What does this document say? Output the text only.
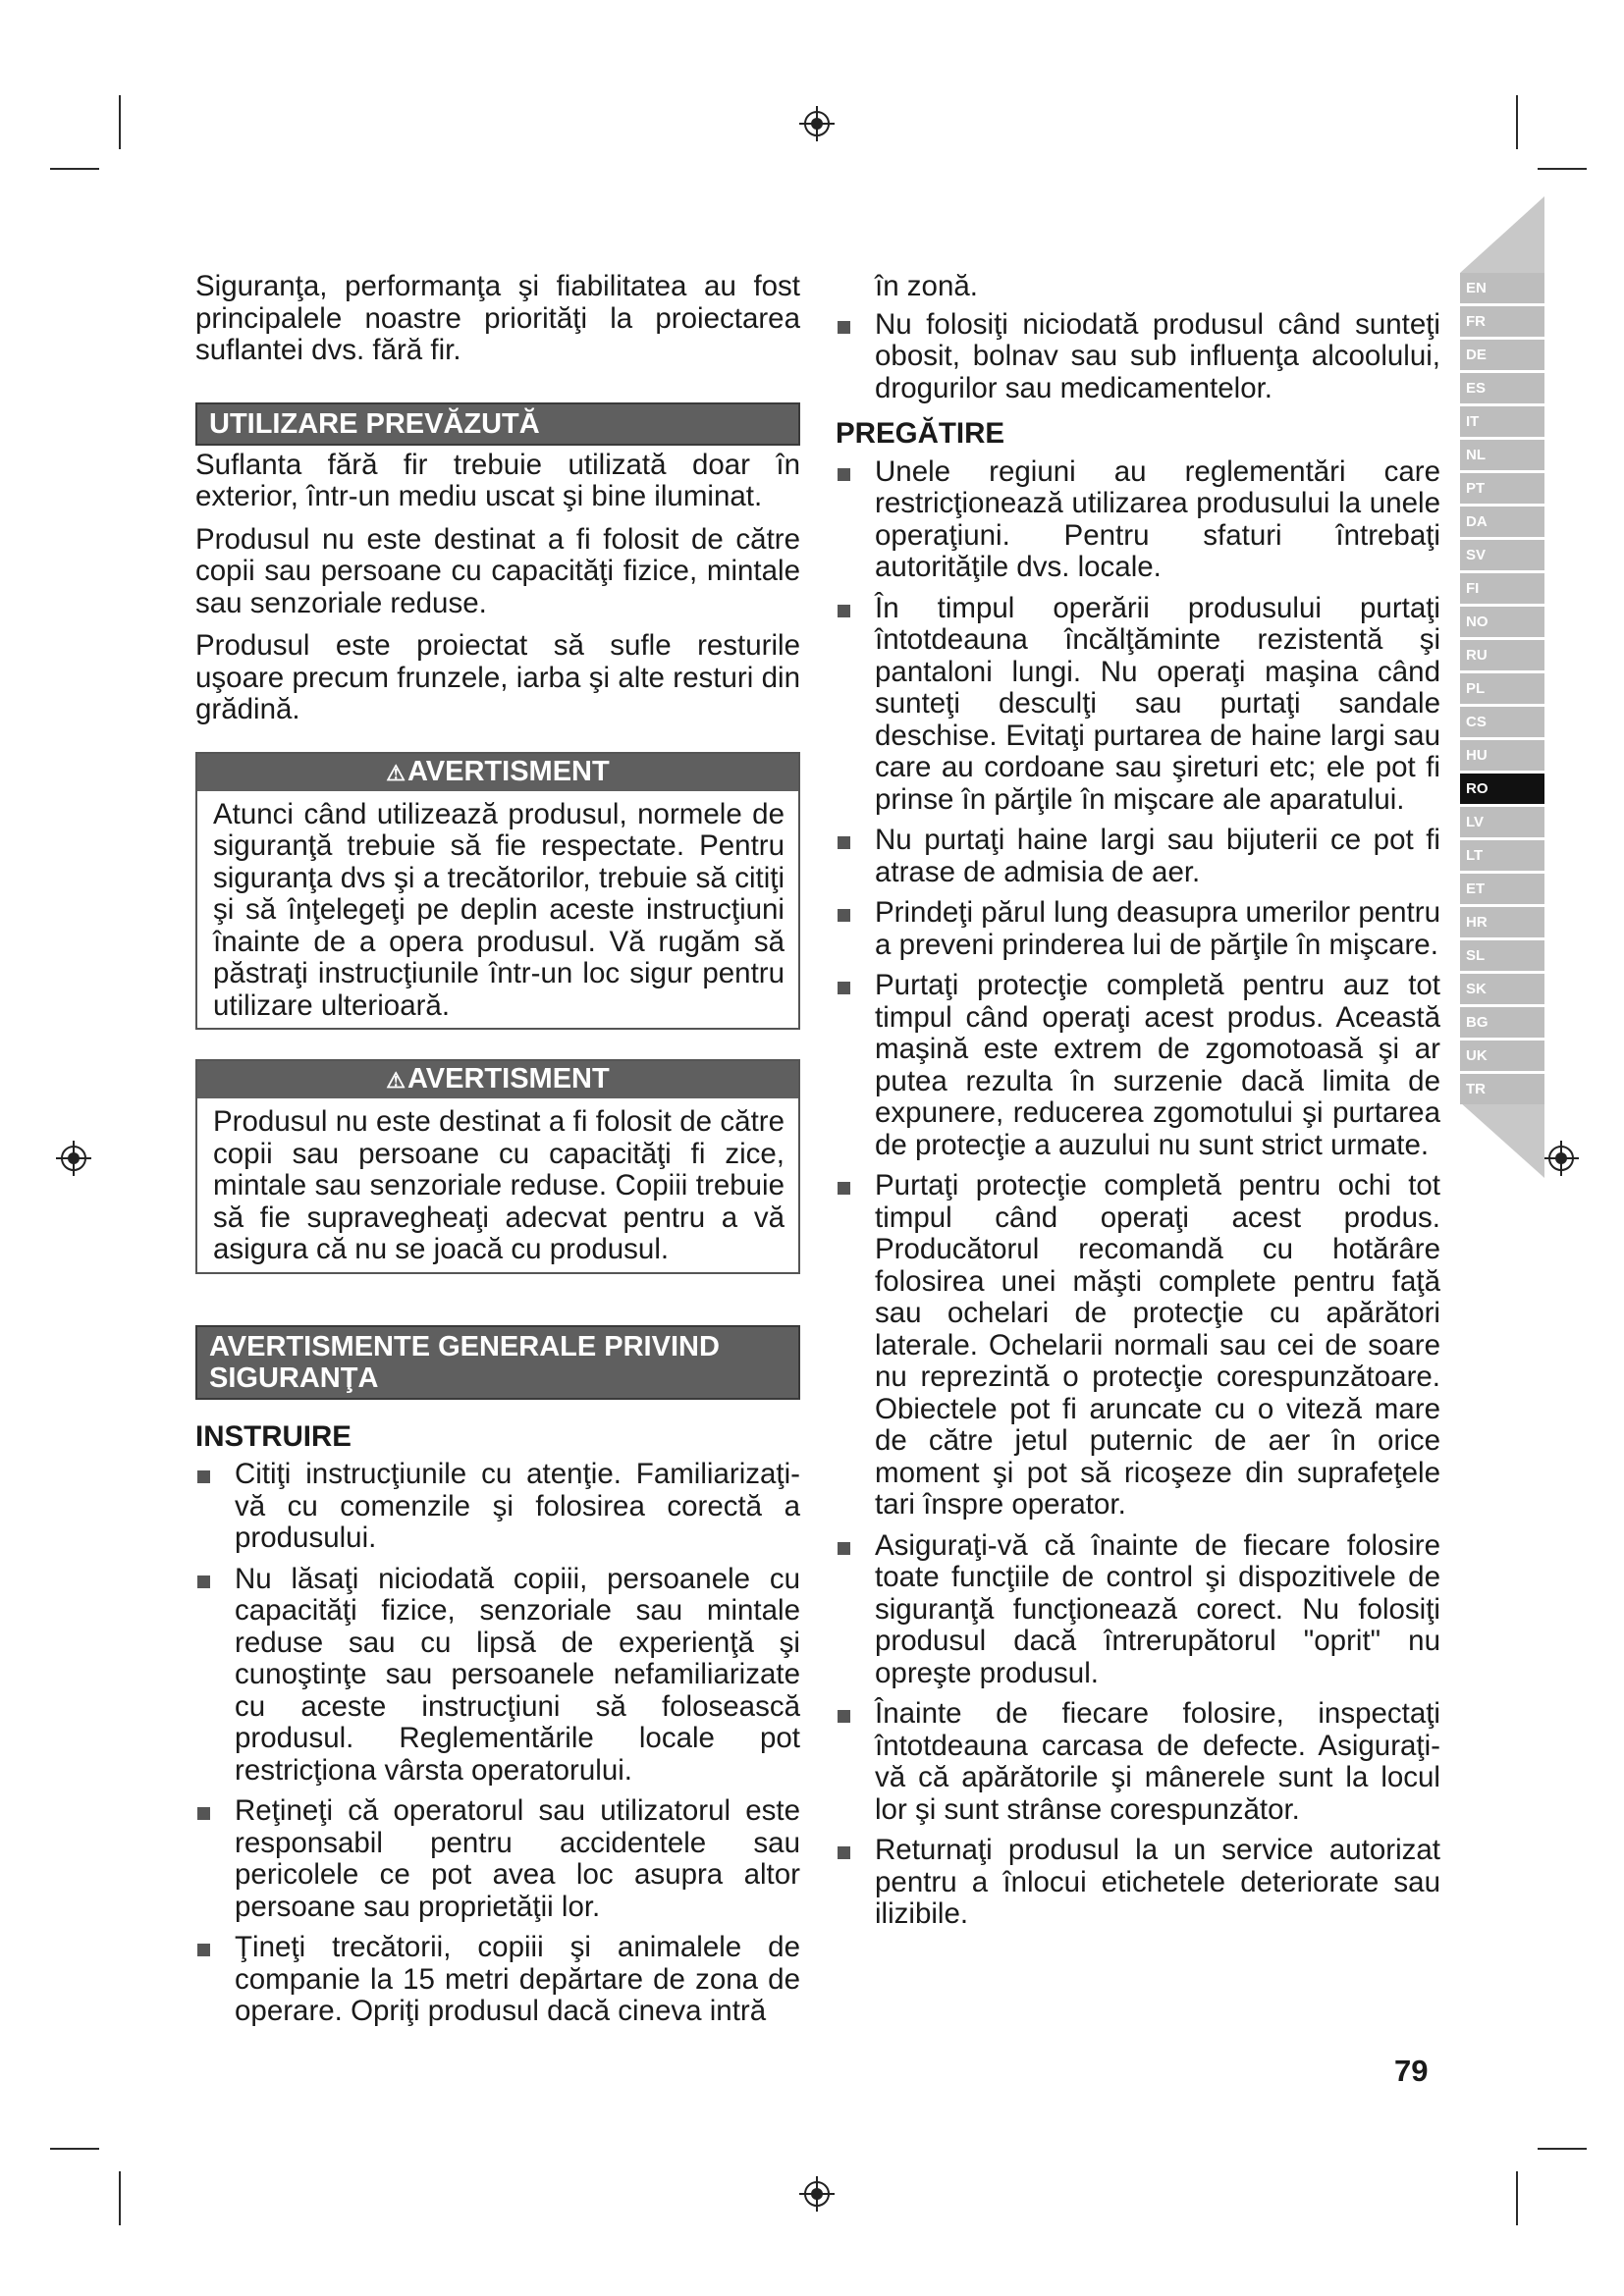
Siguranţa, performanţa şi fiabilitatea au fost principalele noastre priorităţi la proiectarea suflantei dvs. fără fir.

UTILIZARE PREVĂZUTĂ

Suflanta fără fir trebuie utilizată doar în exterior, într-un mediu uscat şi bine iluminat.

Produsul nu este destinat a fi folosit de către copii sau persoane cu capacităţi fizice, mintale sau senzoriale reduse.

Produsul este proiectat să sufle resturile uşoare precum frunzele, iarba şi alte resturi din grădină.

⚠AVERTISMENT
Atunci când utilizează produsul, normele de siguranţă trebuie să fie respectate. Pentru siguranţa dvs şi a trecătorilor, trebuie să citiţi şi să înţelegeţi pe deplin aceste instrucţiuni înainte de a opera produsul. Vă rugăm să păstraţi instrucţiunile într-un loc sigur pentru utilizare ulterioară.
⚠AVERTISMENT
Produsul nu este destinat a fi folosit de către copii sau persoane cu capacităţi fi zice, mintale sau senzoriale reduse. Copiii trebuie să fie supravegheaţi adecvat pentru a vă asigura că nu se joacă cu produsul.
AVERTISMENTE GENERALE PRIVIND SIGURANŢA
INSTRUIRE
Citiţi instrucţiunile cu atenţie. Familiarizaţi-vă cu comenzile şi folosirea corectă a produsului.
Nu lăsaţi niciodată copiii, persoanele cu capacităţi fizice, senzoriale sau mintale reduse sau cu lipsă de experienţă şi cunoştinţe sau persoanele nefamiliarizate cu aceste instrucţiuni să folosească produsul. Reglementările locale pot restricţiona vârsta operatorului.
Reţineţi că operatorul sau utilizatorul este responsabil pentru accidentele sau pericolele ce pot avea loc asupra altor persoane sau proprietăţii lor.
Ţineţi trecătorii, copiii şi animalele de companie la 15 metri depărtare de zona de operare. Opriţi produsul dacă cineva intră

în zonă.

Nu folosiţi niciodată produsul când sunteţi obosit, bolnav sau sub influenţa alcoolului, drogurilor sau medicamentelor.
PREGĂTIRE
Unele regiuni au reglementări care restricţionează utilizarea produsului la unele operaţiuni. Pentru sfaturi întrebaţi autorităţile dvs. locale.
În timpul operării produsului purtaţi întotdeauna încălţăminte rezistentă şi pantaloni lungi. Nu operaţi maşina când sunteţi desculţi sau purtaţi sandale deschise. Evitaţi purtarea de haine largi sau care au cordoane sau şireturi etc; ele pot fi prinse în părţile în mişcare ale aparatului.
Nu purtaţi haine largi sau bijuterii ce pot fi atrase de admisia de aer.
Prindeţi părul lung deasupra umerilor pentru a preveni prinderea lui de părţile în mişcare.
Purtaţi protecţie completă pentru auz tot timpul când operaţi acest produs. Această maşină este extrem de zgomotoasă şi ar putea rezulta în surzenie dacă limita de expunere, reducerea zgomotului şi purtarea de protecţie a auzului nu sunt strict urmate.
Purtaţi protecţie completă pentru ochi tot timpul când operaţi acest produs. Producătorul recomandă cu hotărâre folosirea unei măşti complete pentru faţă sau ochelari de protecţie cu apărători laterale. Ochelarii normali sau cei de soare nu reprezintă o protecţie corespunzătoare. Obiectele pot fi aruncate cu o viteză mare de către jetul puternic de aer în orice moment şi pot să ricoşeze din suprafeţele tari înspre operator.
Asiguraţi-vă că înainte de fiecare folosire toate funcţiile de control şi dispozitivele de siguranţă funcţionează corect. Nu folosiţi produsul dacă întrerupătorul "oprit" nu opreşte produsul.
Înainte de fiecare folosire, inspectaţi întotdeauna carcasa de defecte. Asiguraţi-vă că apărătorile şi mânerele sunt la locul lor şi sunt strânse corespunzător.
Returnaţi produsul la un service autorizat pentru a înlocui etichetele deteriorate sau ilizibile.
EN
FR
DE
ES
IT
NL
PT
DA
SV
FI
NO
RU
PL
CS
HU
RO
LV
LT
ET
HR
SL
SK
BG
UK
TR
79
